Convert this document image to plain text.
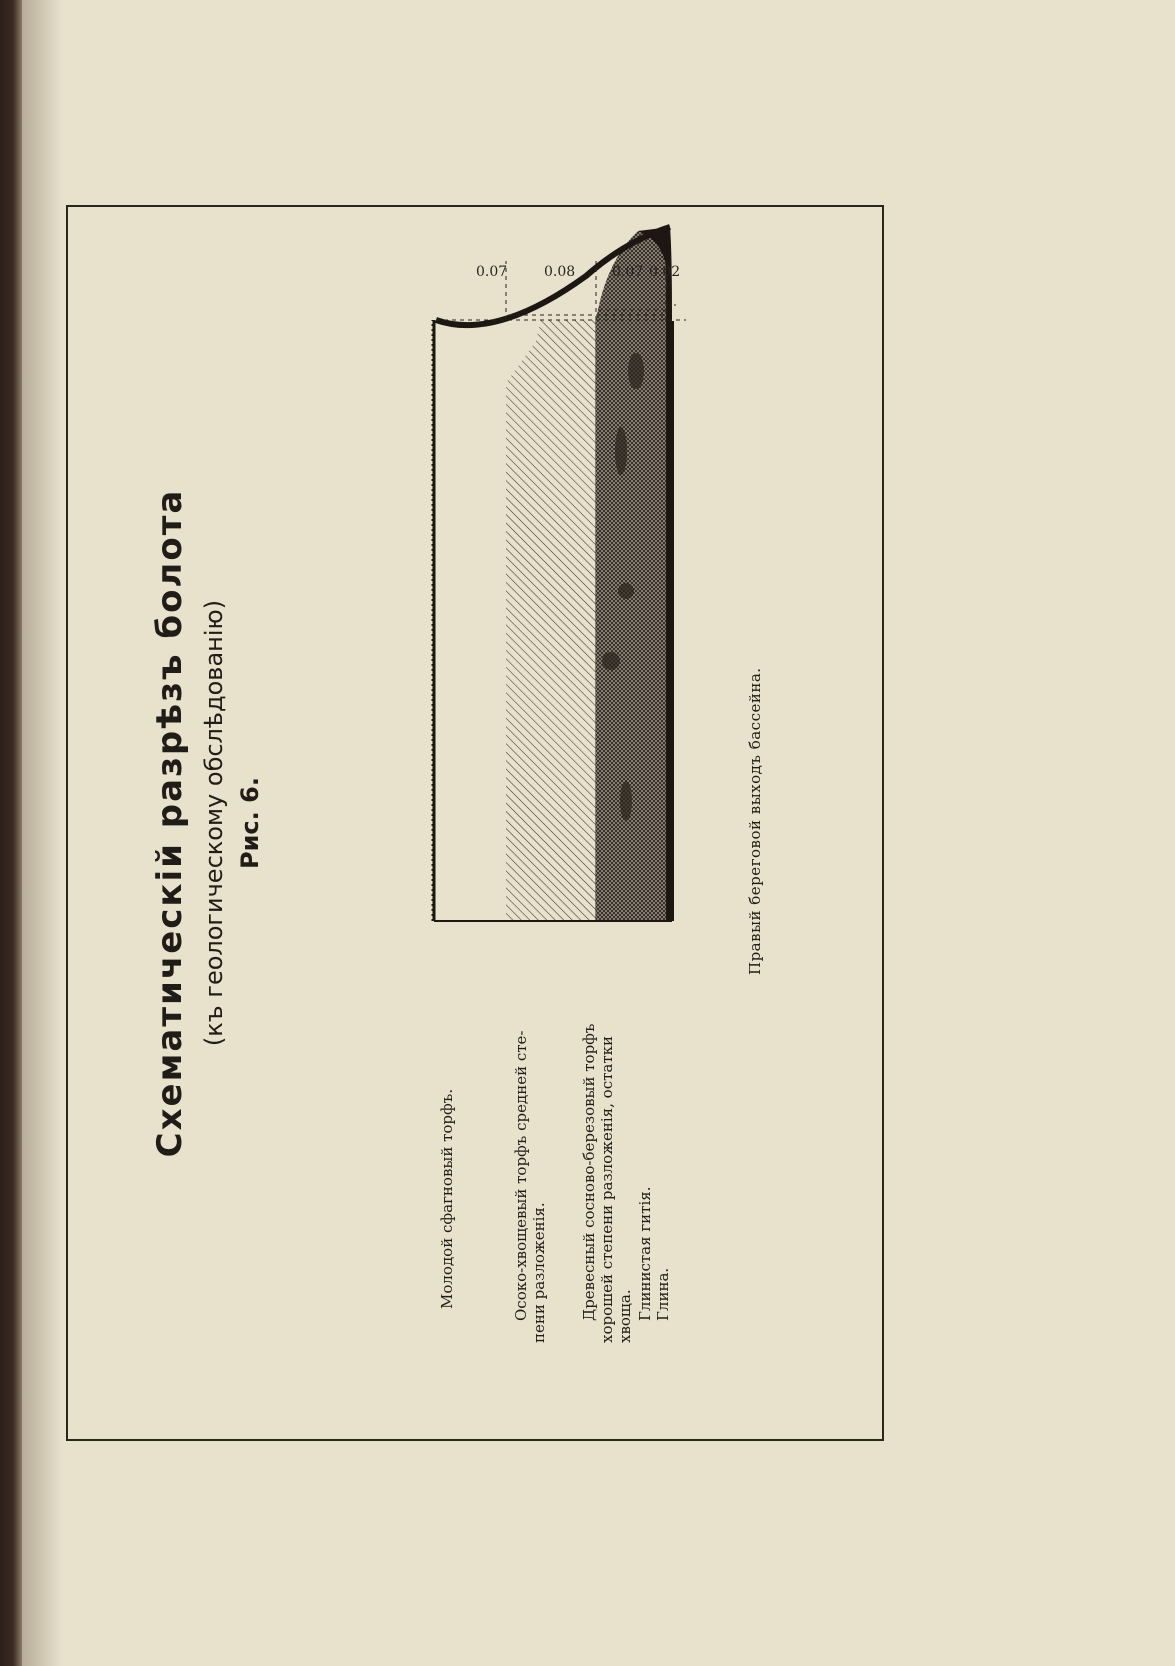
Схематическій разрѣзъ болота (къ геологическому обслѣдованію) Рис. 6.
Молодой сфагновый торфъ.	Осоко-хвощевый торфъ средней сте- пени разложенія. Древесный сосново-березовый торфъ хорошей степени разложенія, остатки хвоща. Глинистая гитія. Глина.
0.07	0.08	0.07 0.02
Правый береговой выходъ бассейна.
